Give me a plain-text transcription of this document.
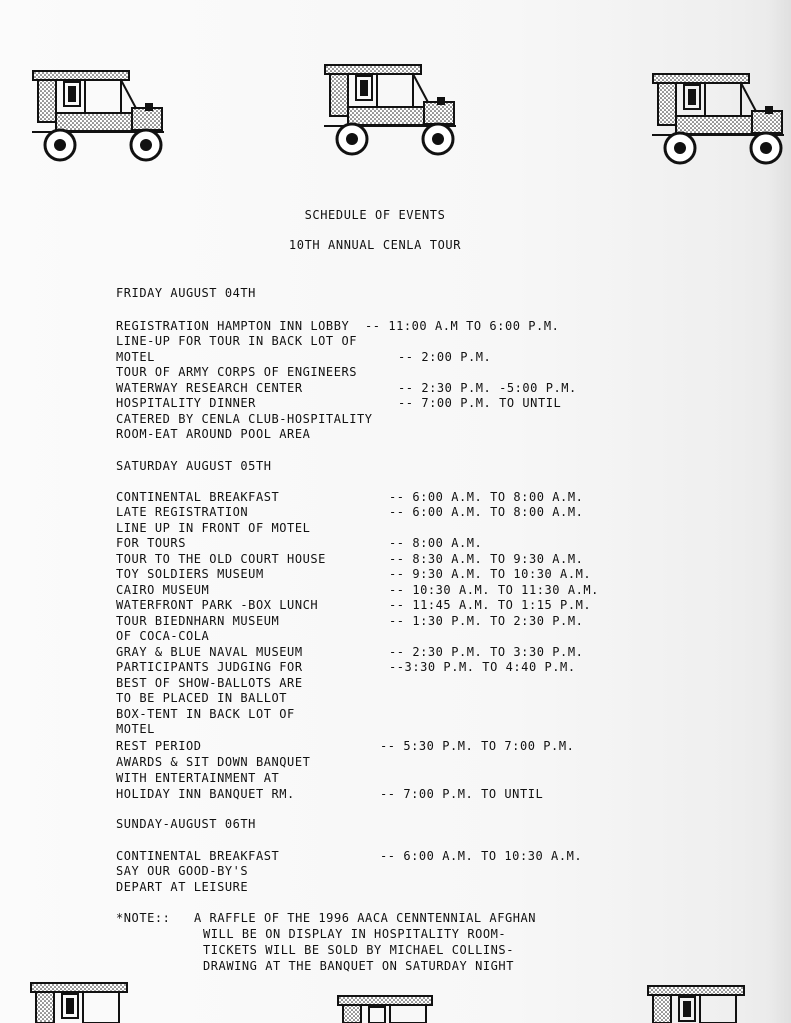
SCHEDULE OF EVENTS
10TH ANNUAL CENLA TOUR
FRIDAY AUGUST 04TH
REGISTRATION HAMPTON INN LOBBY -- 11:00 A.M TO 6:00 P.M.
LINE-UP FOR TOUR IN BACK LOT OF
MOTEL	-- 2:00 P.M.
TOUR OF ARMY CORPS OF ENGINEERS
WATERWAY RESEARCH CENTER	-- 2:30 P.M. -5:00 P.M.
HOSPITALITY DINNER	-- 7:00 P.M. TO UNTIL
CATERED BY CENLA CLUB-HOSPITALITY
ROOM-EAT AROUND POOL AREA
SATURDAY AUGUST 05TH
CONTINENTAL BREAKFAST	-- 6:00 A.M. TO 8:00 A.M.
LATE REGISTRATION	-- 6:00 A.M. TO 8:00 A.M.
LINE UP IN FRONT OF MOTEL
FOR TOURS	-- 8:00 A.M.
TOUR TO THE OLD COURT HOUSE	-- 8:30 A.M. TO 9:30 A.M.
TOY SOLDIERS MUSEUM	-- 9:30 A.M. TO 10:30 A.M.
CAIRO MUSEUM	-- 10:30 A.M. TO 11:30 A.M.
WATERFRONT PARK -BOX LUNCH	-- 11:45 A.M. TO 1:15 P.M.
TOUR BIEDNHARN MUSEUM	-- 1:30 P.M. TO 2:30 P.M.
OF COCA-COLA
GRAY & BLUE NAVAL MUSEUM	-- 2:30 P.M. TO 3:30 P.M.
PARTICIPANTS JUDGING FOR	--3:30 P.M. TO 4:40 P.M.
BEST OF SHOW-BALLOTS ARE
TO BE PLACED IN BALLOT
BOX-TENT IN BACK LOT OF
MOTEL
REST PERIOD	-- 5:30 P.M. TO 7:00 P.M.
AWARDS & SIT DOWN BANQUET
WITH ENTERTAINMENT AT
HOLIDAY INN BANQUET RM.	-- 7:00 P.M. TO UNTIL
SUNDAY-AUGUST 06TH
CONTINENTAL BREAKFAST	-- 6:00 A.M. TO 10:30 A.M.
SAY OUR GOOD-BY'S
DEPART AT LEISURE
*NOTE:: A RAFFLE OF THE 1996 AACA CENNTENNIAL AFGHAN
WILL BE ON DISPLAY IN HOSPITALITY ROOM-
TICKETS WILL BE SOLD BY MICHAEL COLLINS-
DRAWING AT THE BANQUET ON SATURDAY NIGHT
